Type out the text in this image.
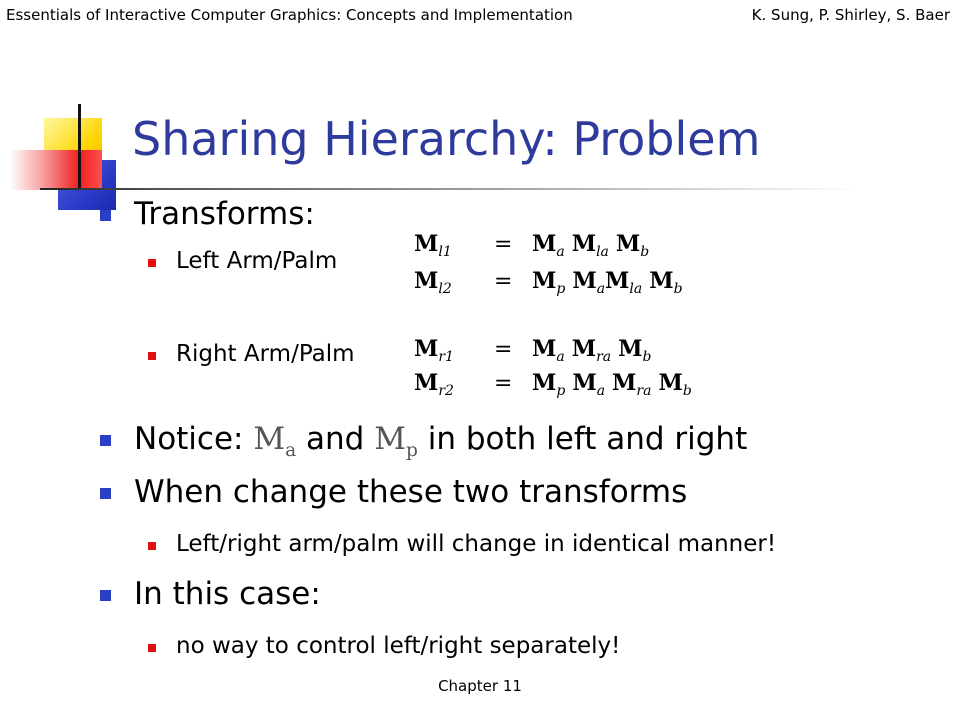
Essentials of Interactive Computer Graphics: Concepts and Implementation	K. Sung, P. Shirley, S. Baer
Sharing Hierarchy: Problem
Transforms:
Left Arm/Palm
Right Arm/Palm
$M_{l1} = M_a$ $M_{la}$ $M_b$
$M_{l2} = M_p$ $M_aM_{la}$ $M_b$
$M_{r1} = M_a$ $M_{ra}$ $M_b$
$M_{r2} = M_p$ $M_a$ $M_{ra}$ $M_b$
Notice: $M_a$ and $M_p$ in both left and right
When change these two transforms
Left/right arm/palm will change in identical manner!
In this case:
no way to control left/right separately!
Chapter 11
